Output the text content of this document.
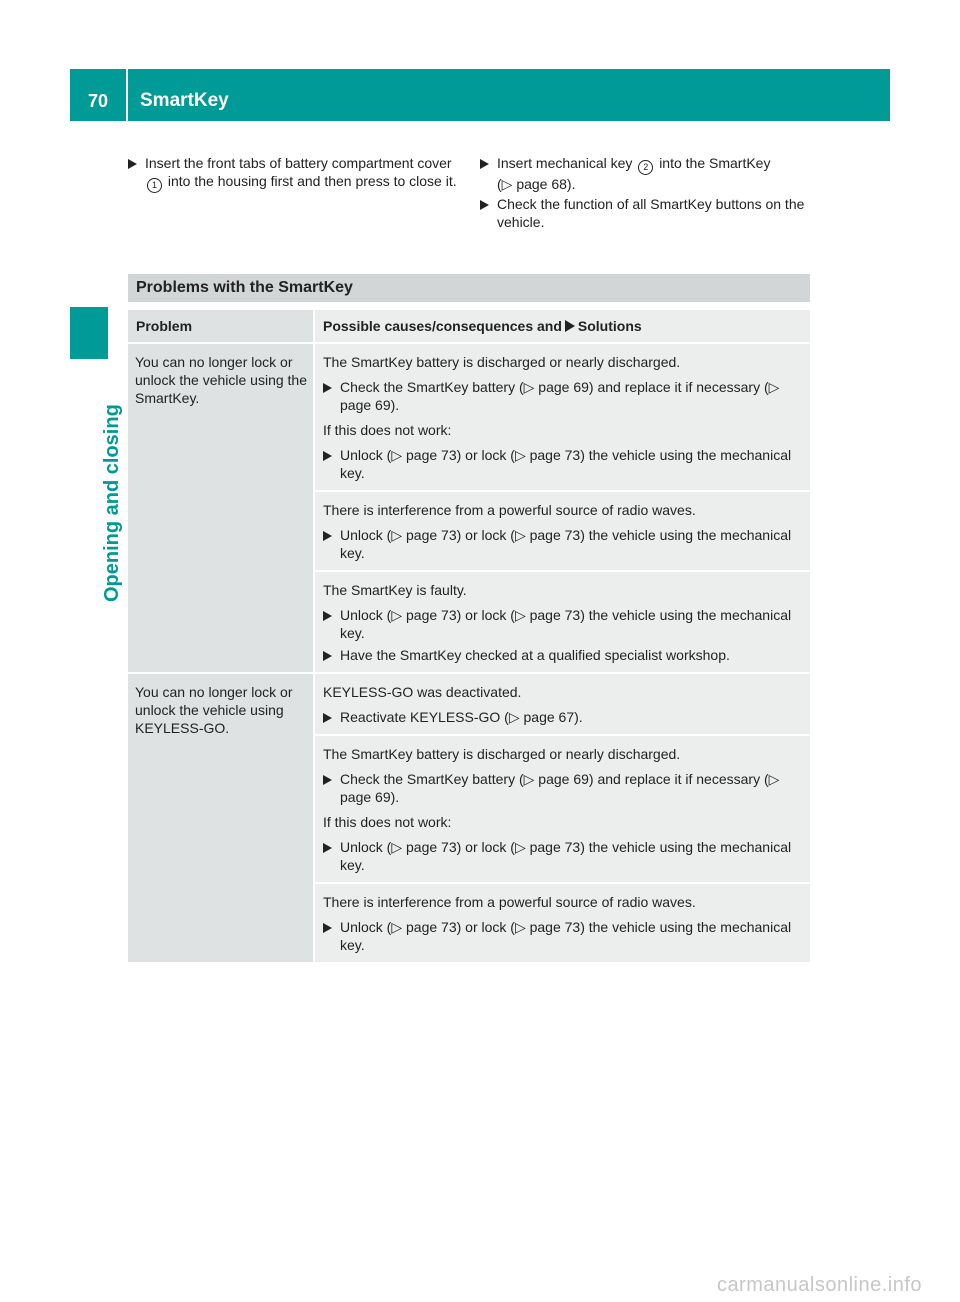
70	SmartKey
Opening and closing
Insert the front tabs of battery compartment cover 1 into the housing first and then press to close it.
Insert mechanical key 2 into the SmartKey
(▷ page 68).
Check the function of all SmartKey buttons on the vehicle.
Problems with the SmartKey
Problem	Possible causes/consequences and Solutions
You can no longer lock or unlock the vehicle using the SmartKey.

The SmartKey battery is discharged or nearly discharged.

Check the SmartKey battery (▷ page 69) and replace it if necessary (▷ page 69).

If this does not work:

Unlock (▷ page 73) or lock (▷ page 73) the vehicle using the mechanical key.

There is interference from a powerful source of radio waves.

Unlock (▷ page 73) or lock (▷ page 73) the vehicle using the mechanical key.

The SmartKey is faulty.

Unlock (▷ page 73) or lock (▷ page 73) the vehicle using the mechanical key.
Have the SmartKey checked at a qualified specialist workshop.
You can no longer lock or unlock the vehicle using KEYLESS-GO.

KEYLESS-GO was deactivated.

Reactivate KEYLESS-GO (▷ page 67).

The SmartKey battery is discharged or nearly discharged.

Check the SmartKey battery (▷ page 69) and replace it if necessary (▷ page 69).

If this does not work:

Unlock (▷ page 73) or lock (▷ page 73) the vehicle using the mechanical key.

There is interference from a powerful source of radio waves.

Unlock (▷ page 73) or lock (▷ page 73) the vehicle using the mechanical key.
carmanualsonline.info
